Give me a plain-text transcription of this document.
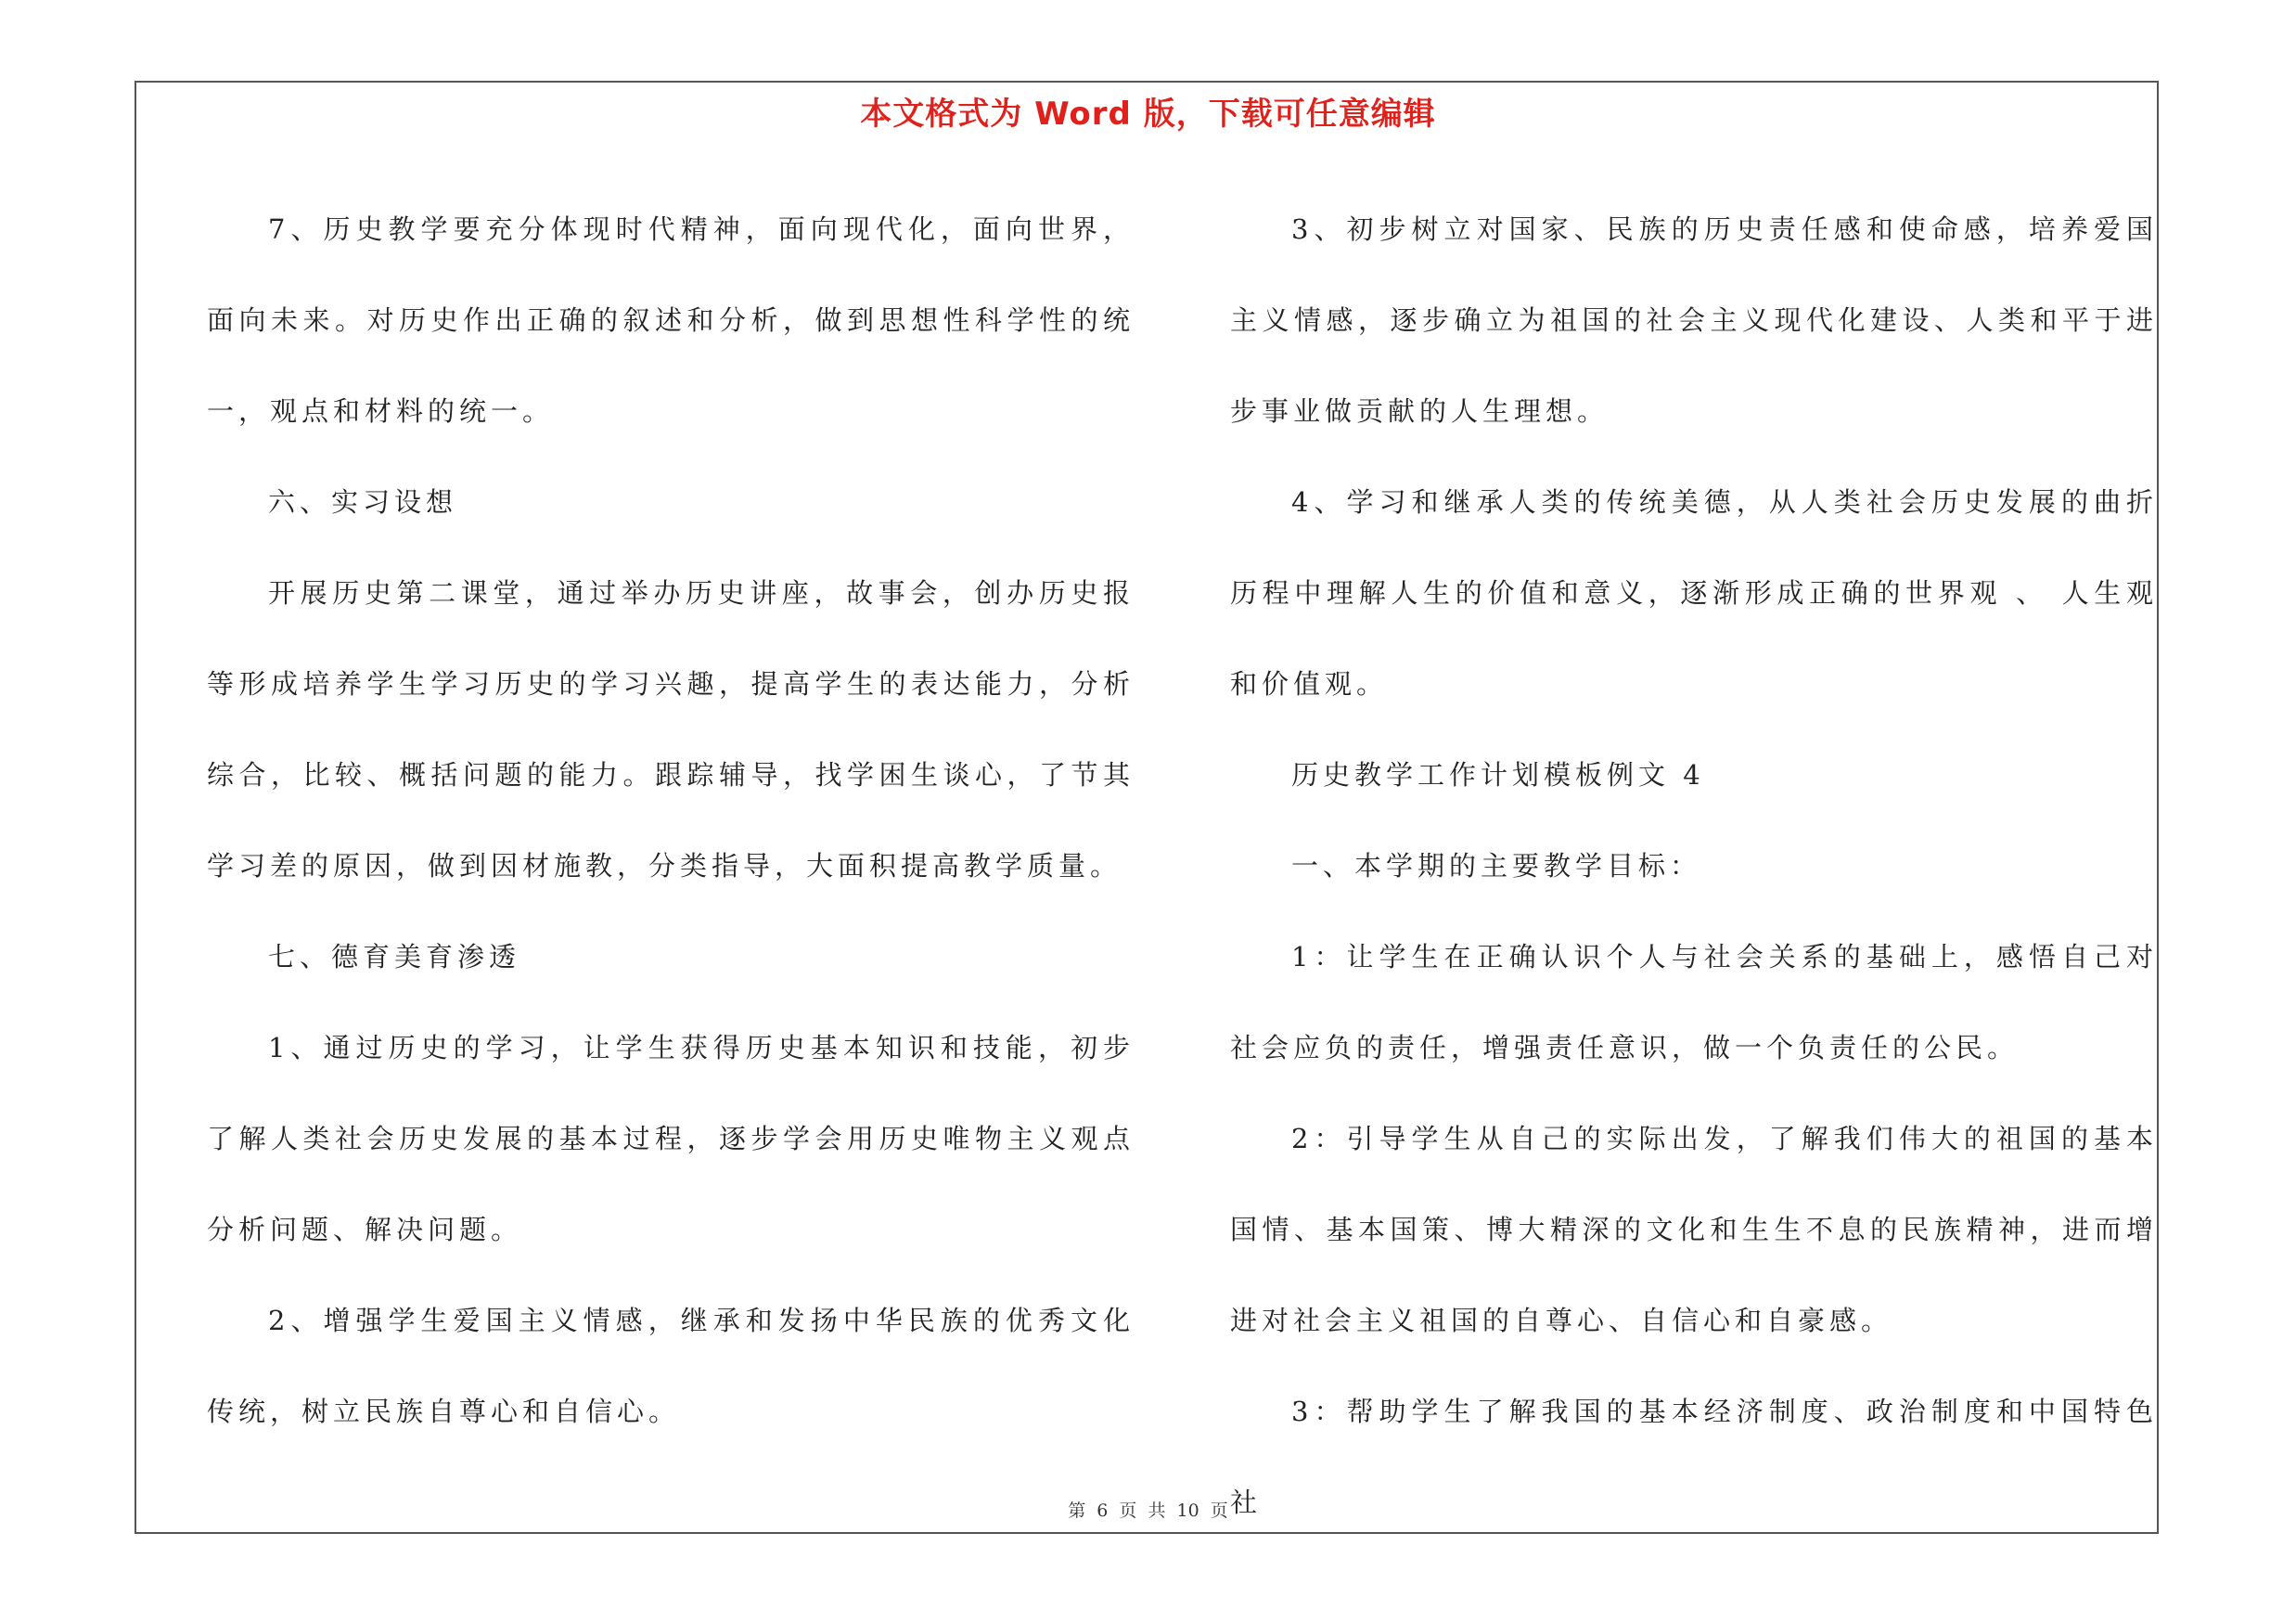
本文格式为 Word 版，下载可任意编辑

7、历史教学要充分体现时代精神，面向现代化，面向世界，面向未来。对历史作出正确的叙述和分析，做到思想性科学性的统一，观点和材料的统一。

六、实习设想

开展历史第二课堂，通过举办历史讲座，故事会，创办历史报等形成培养学生学习历史的学习兴趣，提高学生的表达能力，分析综合，比较、概括问题的能力。跟踪辅导，找学困生谈心，了节其学习差的原因，做到因材施教，分类指导，大面积提高教学质量。

七、德育美育渗透

1、通过历史的学习，让学生获得历史基本知识和技能，初步了解人类社会历史发展的基本过程，逐步学会用历史唯物主义观点分析问题、解决问题。

2、增强学生爱国主义情感，继承和发扬中华民族的优秀文化传统，树立民族自尊心和自信心。

3、初步树立对国家、民族的历史责任感和使命感，培养爱国主义情感，逐步确立为祖国的社会主义现代化建设、人类和平于进步事业做贡献的人生理想。

4、学习和继承人类的传统美德，从人类社会历史发展的曲折历程中理解人生的价值和意义，逐渐形成正确的世界观 、 人生观和价值观。

历史教学工作计划模板例文 4

一、本学期的主要教学目标：

1：让学生在正确认识个人与社会关系的基础上，感悟自己对社会应负的责任，增强责任意识，做一个负责任的公民。

2：引导学生从自己的实际出发，了解我们伟大的祖国的基本国情、基本国策、博大精深的文化和生生不息的民族精神，进而增进对社会主义祖国的自尊心、自信心和自豪感。

3：帮助学生了解我国的基本经济制度、政治制度和中国特色社

第 6 页 共 10 页
